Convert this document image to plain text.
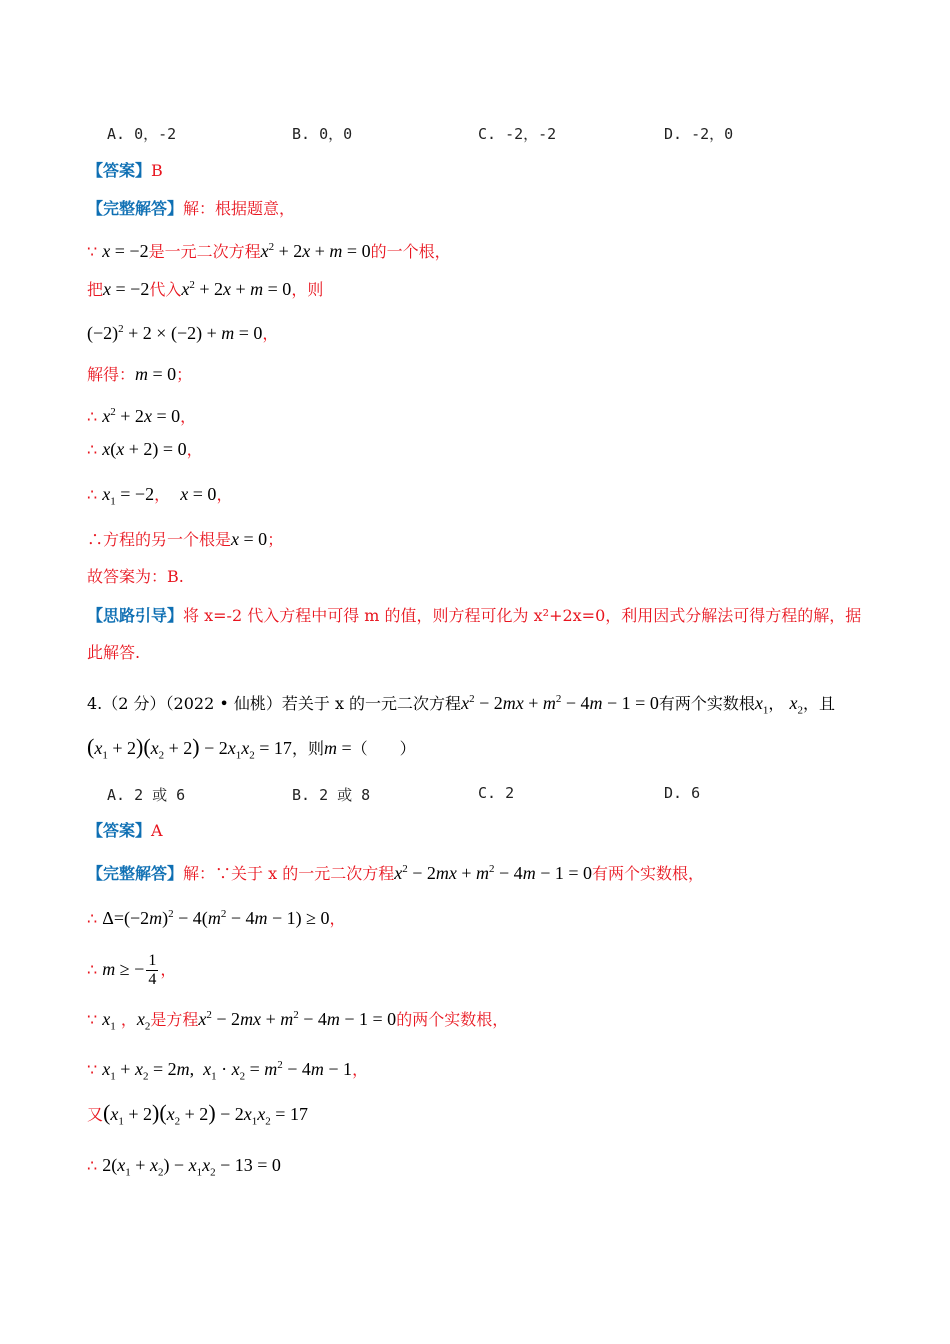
A. 0，-2	B. 0，0	C. -2，-2	D. -2，0
【答案】B
【完整解答】解：根据题意，
∵ x = −2是一元二次方程$x^2 + 2x + m = 0$的一个根，
把x = −2代入$x^2 + 2x + m = 0$，则
$(-2)^2 + 2 \times (-2) + m = 0$，
解得：m = 0；
∴ $x^2 + 2x = 0$，
∴ x(x + 2) = 0，
∴ $x_1 = -2$， x = 0，
∴方程的另一个根是x = 0；
故答案为：B.
【思路引导】将 x=-2 代入方程中可得 m 的值，则方程可化为 x²+2x=0，利用因式分解法可得方程的解，据
此解答.
4.（2 分）（2022 • 仙桃）若关于 x 的一元二次方程$x^2 - 2mx + m^2 - 4m - 1 = 0$有两个实数根$x_1$， $x_2$，且
$(x_1 + 2)(x_2 + 2) - 2x_1x_2 = 17$，则m =（　　）
A. 2 或 6	B. 2 或 8	C. 2	D. 6
【答案】A
【完整解答】解：∵关于 x 的一元二次方程$x^2 - 2mx + m^2 - 4m - 1 = 0$有两个实数根，
∴ $\Delta=(-2m)^2 - 4(m^2 - 4m - 1) \ge 0$，
∴ m ≥ − $\frac{1}{4}$ ，
∵ $x_1$ ，$x_2$是方程$x^2 - 2mx + m^2 - 4m - 1 = 0$的两个实数根，
∵ $x_1 + x_2 = 2m$,  $x_1 \cdot x_2 = m^2 - 4m - 1$，
又$(x_1 + 2)(x_2 + 2) - 2x_1x_2 = 17$
∴ $2(x_1 + x_2) - x_1x_2 - 13 = 0$
